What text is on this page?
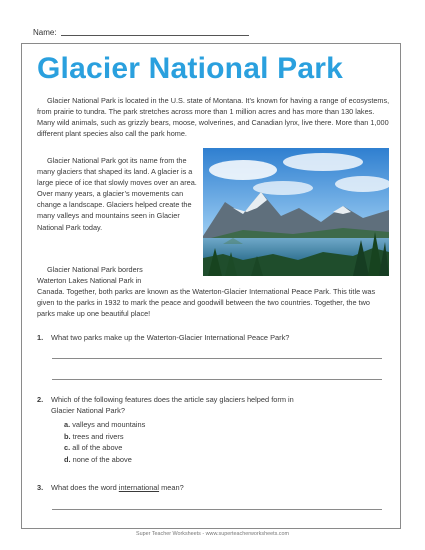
Name:
Glacier National Park
Glacier National Park is located in the U.S. state of Montana. It’s known for having a range of ecosystems, from prairie to tundra. The park stretches across more than 1 million acres and has more than 130 lakes. Many wild animals, such as grizzly bears, moose, wolverines, and Canadian lynx, live there. More than 1,000 different plant species also call the park home.
Glacier National Park got its name from the many glaciers that shaped its land. A glacier is a large piece of ice that slowly moves over an area. Over many years, a glacier’s movements can change a landscape. Glaciers helped create the many valleys and mountains seen in Glacier National Park today.
Glacier National Park borders
Waterton Lakes National Park in
Canada. Together, both parks are known as the Waterton-Glacier International Peace Park. This title was given to the parks in 1932 to mark the peace and goodwill between the two countries. Together, the two parks make up one beautiful place!
1. What two parks make up the Waterton-Glacier International Peace Park?
2. Which of the following features does the article say glaciers helped form in
Glacier National Park?
a. valleys and mountains
b. trees and rivers
c. all of the above
d. none of the above
3. What does the word international mean?
Super Teacher Worksheets - www.superteacherworksheets.com
